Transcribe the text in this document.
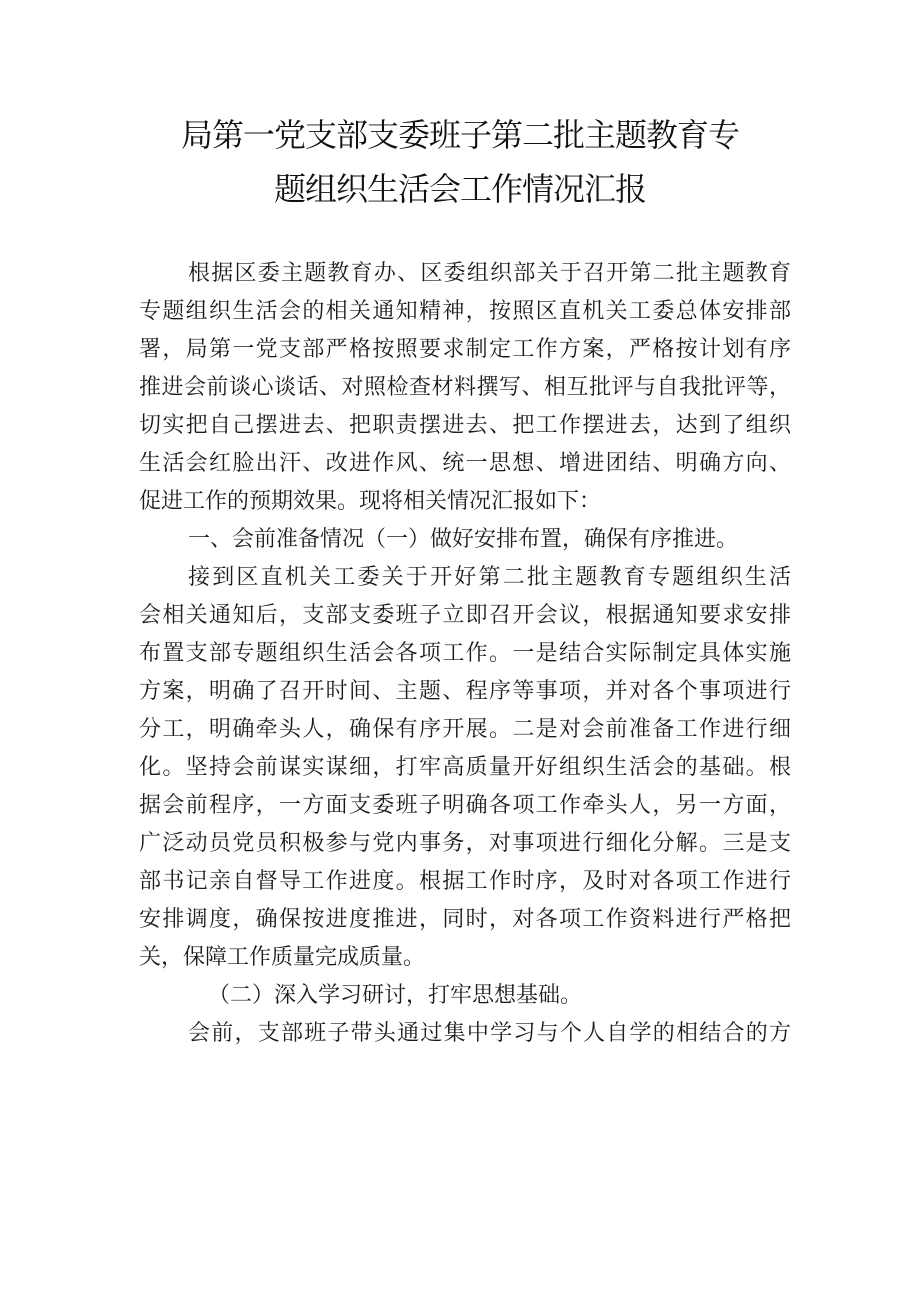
局第一党支部支委班子第二批主题教育专
题组织生活会工作情况汇报
根据区委主题教育办、区委组织部关于召开第二批主题教育
专题组织生活会的相关通知精神，按照区直机关工委总体安排部
署，局第一党支部严格按照要求制定工作方案，严格按计划有序
推进会前谈心谈话、对照检查材料撰写、相互批评与自我批评等，
切实把自己摆进去、把职责摆进去、把工作摆进去，达到了组织
生活会红脸出汗、改进作风、统一思想、增进团结、明确方向、
促进工作的预期效果。现将相关情况汇报如下：
一、会前准备情况（一）做好安排布置，确保有序推进。
接到区直机关工委关于开好第二批主题教育专题组织生活
会相关通知后，支部支委班子立即召开会议，根据通知要求安排
布置支部专题组织生活会各项工作。一是结合实际制定具体实施
方案，明确了召开时间、主题、程序等事项，并对各个事项进行
分工，明确牵头人，确保有序开展。二是对会前准备工作进行细
化。坚持会前谋实谋细，打牢高质量开好组织生活会的基础。根
据会前程序，一方面支委班子明确各项工作牵头人，另一方面，
广泛动员党员积极参与党内事务，对事项进行细化分解。三是支
部书记亲自督导工作进度。根据工作时序，及时对各项工作进行
安排调度，确保按进度推进，同时，对各项工作资料进行严格把
关，保障工作质量完成质量。
（二）深入学习研讨，打牢思想基础。
会前，支部班子带头通过集中学习与个人自学的相结合的方
